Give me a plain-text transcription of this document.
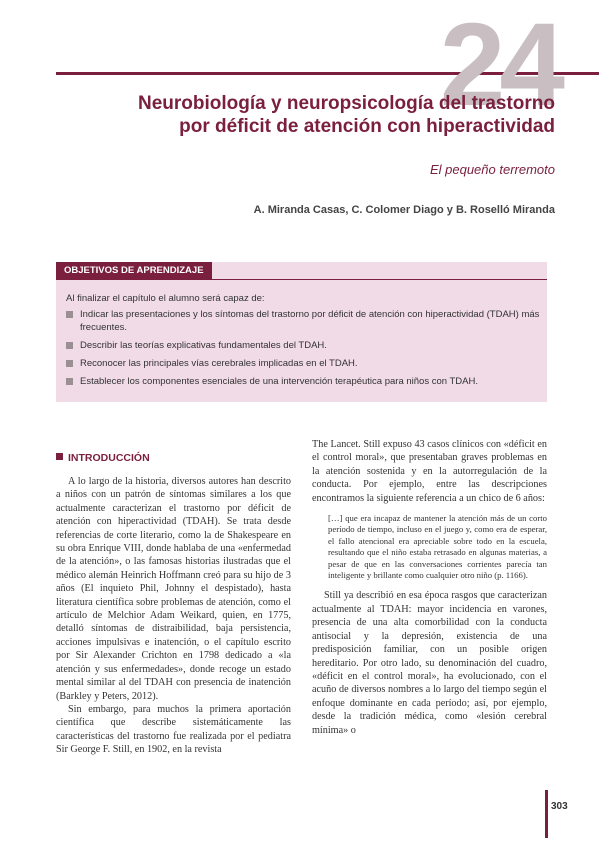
24
Neurobiología y neuropsicología del trastorno
por déficit de atención con hiperactividad
El pequeño terremoto
A. Miranda Casas, C. Colomer Diago y B. Roselló Miranda
OBJETIVOS DE APRENDIZAJE
Al finalizar el capítulo el alumno será capaz de:
Indicar las presentaciones y los síntomas del trastorno por déficit de atención con hiperactividad (TDAH) más frecuentes.
Describir las teorías explicativas fundamentales del TDAH.
Reconocer las principales vías cerebrales implicadas en el TDAH.
Establecer los componentes esenciales de una intervención terapéutica para niños con TDAH.
INTRODUCCIÓN

A lo largo de la historia, diversos autores han descrito a niños con un patrón de síntomas similares a los que actualmente caracterizan el trastorno por déficit de atención con hiperactividad (TDAH). Se trata desde referencias de corte literario, como la de Shakespeare en su obra Enrique VIII, donde hablaba de una «enfermedad de la atención», o las famosas historias ilustradas que el médico alemán Heinrich Hoffmann creó para su hijo de 3 años (El inquieto Phil, Johnny el despistado), hasta literatura científica sobre problemas de atención, como el artículo de Melchior Adam Weikard, quien, en 1775, detalló síntomas de distraibilidad, baja persistencia, acciones impulsivas e inatención, o el capítulo escrito por Sir Alexander Crichton en 1798 dedicado a «la atención y sus enfermedades», donde recoge un estado mental similar al del TDAH con presencia de inatención (Barkley y Peters, 2012).

Sin embargo, para muchos la primera aportación científica que describe sistemáticamente las características del trastorno fue realizada por el pediatra Sir George F. Still, en 1902, en la revista

The Lancet. Still expuso 43 casos clínicos con «déficit en el control moral», que presentaban graves problemas en la atención sostenida y en la autorregulación de la conducta. Por ejemplo, entre las descripciones encontramos la siguiente referencia a un chico de 6 años:

[…] que era incapaz de mantener la atención más de un corto período de tiempo, incluso en el juego y, como era de esperar, el fallo atencional era apreciable sobre todo en la escuela, resultando que el niño estaba retrasado en algunas materias, a pesar de que en las conversaciones corrientes parecía tan inteligente y brillante como cualquier otro niño (p. 1166).

Still ya describió en esa época rasgos que caracterizan actualmente al TDAH: mayor incidencia en varones, presencia de una alta comorbilidad con la conducta antisocial y la depresión, existencia de una predisposición familiar, con un posible origen hereditario. Por otro lado, su denominación del cuadro, «déficit en el control moral», ha evolucionado, con el acuño de diversos nombres a lo largo del tiempo según el enfoque dominante en cada período; así, por ejemplo, desde la tradición médica, como «lesión cerebral mínima» o

303
